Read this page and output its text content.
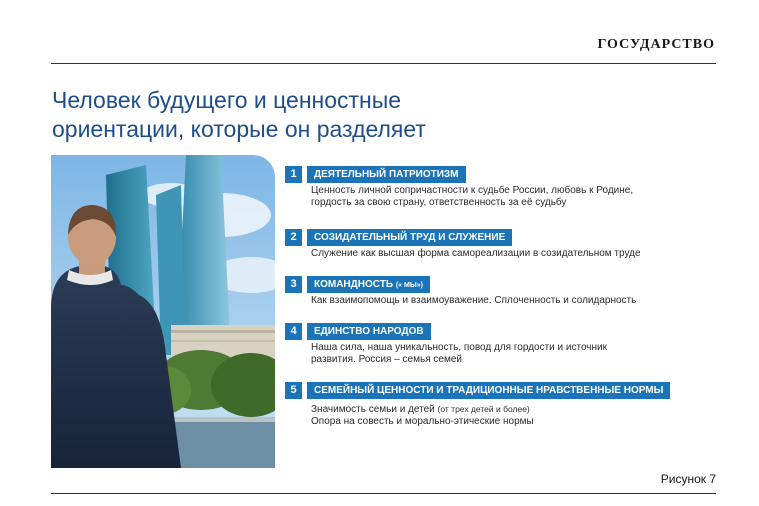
ГОСУДАРСТВО
Человек будущего и ценностные
ориентации, которые он разделяет
1	ДЕЯТЕЛЬНЫЙ ПАТРИОТИЗМ
Ценность личной сопричастности к судьбе России, любовь к Родине,
гордость за свою страну, ответственность за её судьбу
2	СОЗИДАТЕЛЬНЫЙ ТРУД И СЛУЖЕНИЕ
Служение как высшая форма самореализации в созидательном труде
3	КОМАНДНОСТЬ (« МЫ»)
Как взаимопомощь и взаимоуважение. Сплоченность и солидарность
4	ЕДИНСТВО НАРОДОВ
Наша сила, наша уникальность, повод для гордости и источник
развития. Россия – семья семей
5	СЕМЕЙНЫЙ ЦЕННОСТИ И ТРАДИЦИОННЫЕ НРАВСТВЕННЫЕ НОРМЫ
Значимость семьи и детей (от трех детей и более)
Опора на совесть и морально-этические нормы
Рисунок 7
